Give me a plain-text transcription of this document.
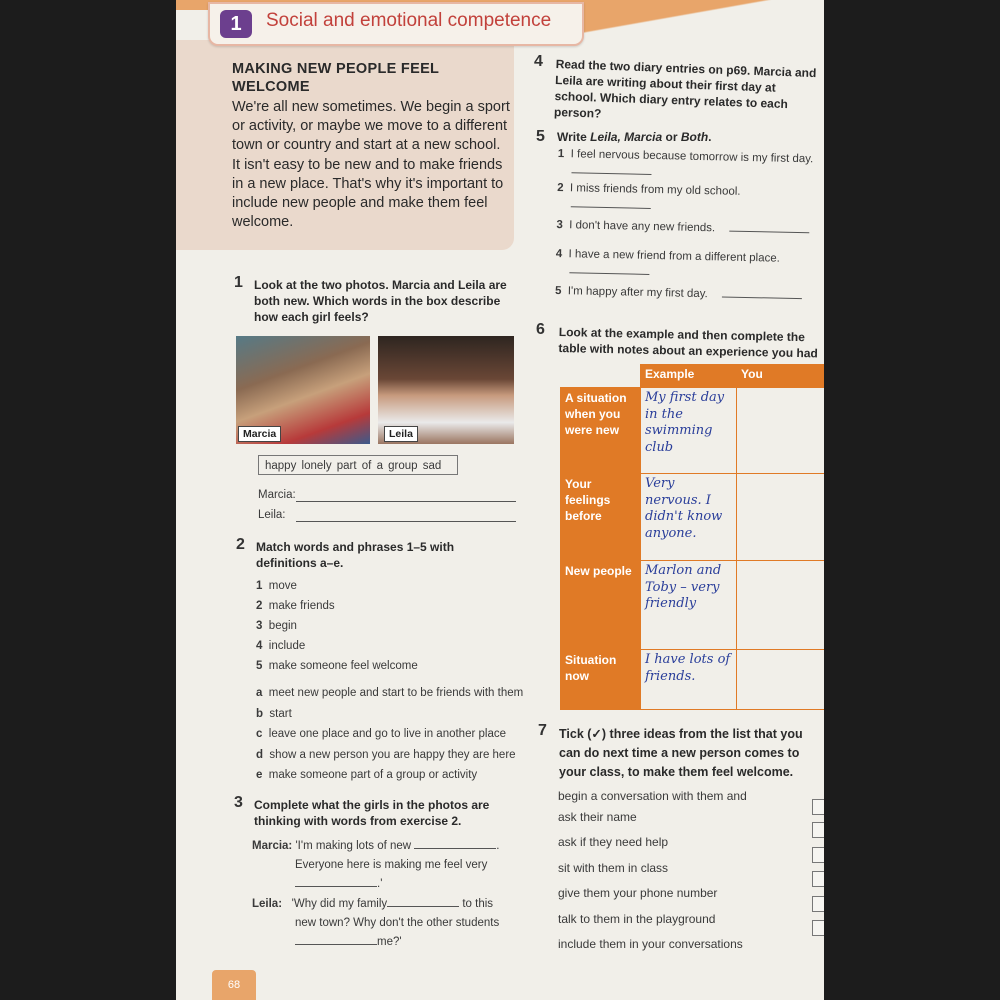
1	Social and emotional competence
MAKING NEW PEOPLE FEEL WELCOME
We're all new sometimes. We begin a sport or activity, or maybe we move to a different town or country and start at a new school. It isn't easy to be new and to make friends in a new place. That's why it's important to include new people and make them feel welcome.
1 Look at the two photos. Marcia and Leila are both new. Which words in the box describe how each girl feels?
Marcia	Leila
happy lonely part of a group sad
Marcia:
Leila:
2 Match words and phrases 1–5 with definitions a–e.
1 move
2 make friends
3 begin
4 include
5 make someone feel welcome
a meet new people and start to be friends with them
b start
c leave one place and go to live in another place
d show a new person you are happy they are here
e make someone part of a group or activity
3 Complete what the girls in the photos are thinking with words from exercise 2.
Marcia: 'I'm making lots of new	.
Everyone here is making me feel very
.'
Leila: 'Why did my family	to this
new town? Why don't the other students
me?'
4 Read the two diary entries on p69. Marcia and Leila are writing about their first day at school. Which diary entry relates to each person?
5 Write Leila, Marcia or Both.
1 I feel nervous because tomorrow is my first day.
2 I miss friends from my old school.
3 I don't have any new friends.
4 I have a new friend from a different place.
5 I'm happy after my first day.
6 Look at the example and then complete the table with notes about an experience you had
	Example	You
A situation when you were new	My first day in the swimming club	
Your feelings before	Very nervous. I didn't know anyone.	
New people	Marlon and Toby – very friendly	
Situation now	I have lots of friends.	
7 Tick (✓) three ideas from the list that you can do next time a new person comes to your class, to make them feel welcome.
begin a conversation with them and
ask their name
ask if they need help
sit with them in class
give them your phone number
talk to them in the playground
include them in your conversations
68
